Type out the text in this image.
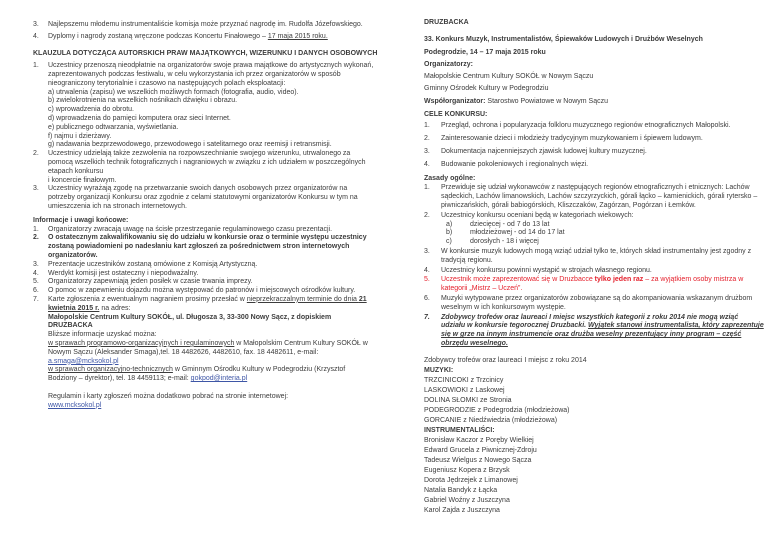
3.	Najlepszemu młodemu instrumentaliście komisja może przyznać nagrodę im. Rudolfa Józefowskiego.
4.	Dyplomy i nagrody zostaną wręczone podczas Koncertu Finałowego – 17 maja 2015 roku.
KLAUZULA DOTYCZĄCA AUTORSKICH PRAW MAJĄTKOWYCH, WIZERUNKU I DANYCH OSOBOWYCH
1.	Uczestnicy przenoszą nieodpłatnie na organizatorów swoje prawa majątkowe do artystycznych wykonań, zaprezentowanych podczas festiwalu, w celu wykorzystania ich przez organizatorów w sposób nieograniczony terytorialnie i czasowo na następujących polach eksploatacji:
a) utrwalenia (zapisu) we wszelkich możliwych formach (fotografia, audio, video).
b) zwielokrotnienia na wszelkich nośnikach dźwięku i obrazu.
c) wprowadzenia do obrotu.
d) wprowadzenia do pamięci komputera oraz sieci Internet.
e) publicznego odtwarzania, wyświetlania.
f) najmu i dzierżawy.
g) nadawania bezprzewodowego, przewodowego i satelitarnego oraz reemisji i retransmisji.
2.	Uczestnicy udzielają także zezwolenia na rozpowszechnianie swojego wizerunku, utrwalonego za pomocą wszelkich technik fotograficznych i nagraniowych w związku z ich udziałem w poszczególnych etapach konkursu
i koncercie finałowym.
3.	Uczestnicy wyrażają zgodę na przetwarzanie swoich danych osobowych przez organizatorów na potrzeby organizacji Konkursu oraz zgodnie z celami statutowymi organizatorów Konkursu w tym na umieszczenia ich na stronach internetowych.
Informacje i uwagi końcowe:
1.	Organizatorzy zwracają uwagę na ścisłe przestrzeganie regulaminowego czasu prezentacji.
2.	O ostatecznym zakwalifikowaniu się do udziału w konkursie oraz o terminie występu uczestnicy zostaną powiadomieni po nadesłaniu kart zgłoszeń za pośrednictwem stron internetowych organizatorów.
3.	Prezentacje uczestników zostaną omówione z Komisją Artystyczną.
4.	Werdykt komisji jest ostateczny i niepodważalny.
5.	Organizatorzy zapewniają jeden posiłek w czasie trwania imprezy.
6.	O pomoc w zapewnieniu dojazdu można występować do patronów i miejscowych ośrodków kultury.
7.	Karte zgłoszenia z ewentualnym nagraniem prosimy przesłać w nieprzekraczalnym terminie do dnia 21 kwietnia 2015 r. na adres:
Małopolskie Centrum Kultury SOKÓŁ, ul. Długosza 3, 33-300 Nowy Sącz, z dopiskiem
DRUZBACKA
Bliższe informacje uzyskać można:
w sprawach programowo-organizacyjnych i regulaminowych w Małopolskim Centrum Kultury SOKÓŁ w Nowym Sączu (Aleksander Smaga),tel. 18 4482626, 4482610, fax. 18 4482611, e-mail: a.smaga@mcksokol.pl
w sprawach organizacyjno-technicznych w Gminnym Ośrodku Kultury w Podegrodziu (Krzysztof Bodziony – dyrektor), tel. 18 4459113; e-mail: gokpod@interia.pl
Regulamin i karty zgłoszeń można dodatkowo pobrać na stronie internetowej:
www.mcksokol.pl
DRUZBACKA
33. Konkurs Muzyk, Instrumentalistów, Śpiewaków Ludowych i Drużbów Weselnych
Podegrodzie, 14 – 17 maja 2015 roku
Organizatorzy:
Małopolskie Centrum Kultury SOKÓŁ w Nowym Sączu
Gminny Ośrodek Kultury w Podegrodziu
Współorganizator: Starostwo Powiatowe w Nowym Sączu
CELE KONKURSU:
1.	Przegląd, ochrona i popularyzacja folkloru muzycznego regionów etnograficznych Małopolski.
2.	Zainteresowanie dzieci i młodzieży tradycyjnym muzykowaniem i śpiewem ludowym.
3.	Dokumentacja najcenniejszych zjawisk ludowej kultury muzycznej.
4.	Budowanie pokoleniowych i regionalnych więzi.
Zasady ogólne:
1.	Przewiduje się udział wykonawców z następujących regionów etnograficznych i etnicznych: Lachów sądeckich, Lachów limanowskich, Lachów szczyrzyckich, górali łącko – kamienickich, górali rytersko – piwniczańskich, górali babiogórskich, Kliszczaków, Zagórzan, Pogórzan i Łemków.
2.	Uczestnicy konkursu oceniani będą w kategoriach wiekowych:
a)	dziecięcej - od 7 do 13 lat
b)	młodzieżowej - od 14 do 17 lat
c)	dorosłych - 18 i więcej
3.	W konkursie muzyk ludowych mogą wziąć udział tylko te, których skład instrumentalny jest zgodny z tradycją regionu.
4.	Uczestnicy konkursu powinni wystąpić w strojach własnego regionu.
5.	Uczestnik może zaprezentować się w Druzbacce tylko jeden raz – za wyjątkiem osoby mistrza w kategorii „Mistrz – Uczeń”.
6.	Muzyki wytypowane przez organizatorów zobowiązane są do akompaniowania wskazanym drużbom weselnym w ich konkursowym występie.
7.	Zdobywcy trofeów oraz laureaci I miejsc wszystkich kategorii z roku 2014 nie mogą wziąć udziału w konkursie tegorocznej Druzbacki. Wyjątek stanowi instrumentalista, który zaprezentuje się w grze na innym instrumencie oraz drużba weselny prezentujący inny program – część obrzędu weselnego.
Zdobywcy trofeów oraz laureaci I miejsc z roku 2014
MUZYKI:
TRZCINICOKI z Trzcinicy
LASKOWIOKI z Laskowej
DOLINA SŁOMKI ze Stronia
PODEGRODZIE z Podegrodzia (młodzieżowa)
GORCANIE z Niedźwiedzia (młodzieżowa)
INSTRUMENTALIŚCI:
Bronisław Kaczor z Poręby Wielkiej
Edward Grucela z Piwnicznej-Zdroju
Tadeusz Wielgus z Nowego Sącza
Eugeniusz Kopera z Brzysk
Dorota Jędrzejek z Limanowej
Natalia Bandyk z Łącka
Gabriel Woźny z Juszczyna
Karol Zajda z Juszczyna
